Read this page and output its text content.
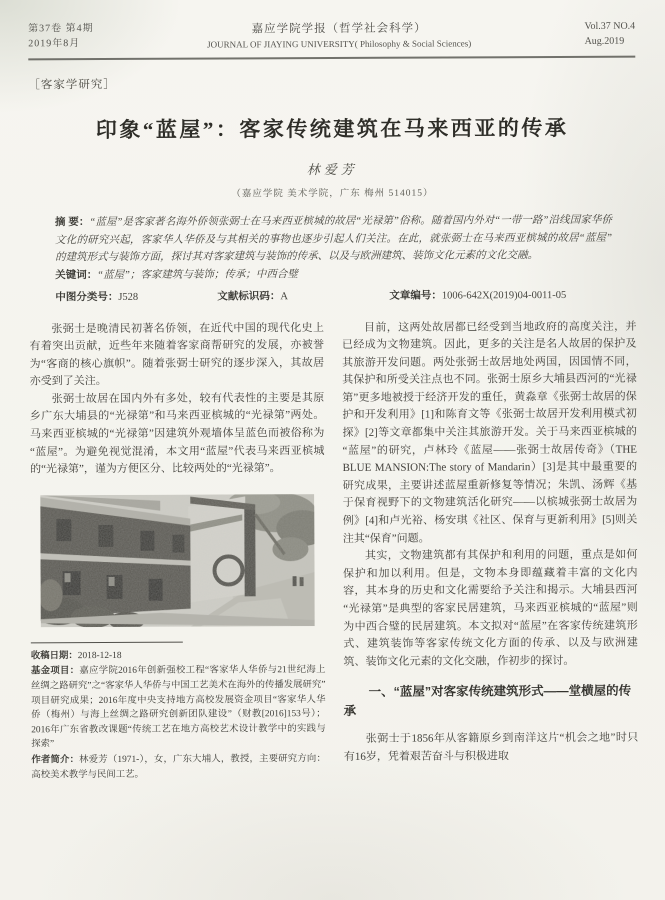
第37卷 第4期
2019年8月
嘉应学院学报（哲学社会科学）
JOURNAL OF JIAYING UNIVERSITY( Philosophy & Social Sciences)
Vol.37 NO.4
Aug.2019
［客家学研究］
印象“蓝屋”：客家传统建筑在马来西亚的传承
林爱芳
（嘉应学院 美术学院，广东 梅州 514015）

摘 要：“蓝屋”是客家著名海外侨领张弼士在马来西亚槟城的故居“光禄第”俗称。随着国内外对“一带一路”沿线国家华侨文化的研究兴起，客家华人华侨及与其相关的事物也逐步引起人们关注。在此，就张弼士在马来西亚槟城的故居“蓝屋”的建筑形式与装饰方面，探讨其对客家建筑与装饰的传承、以及与欧洲建筑、装饰文化元素的文化交融。

关键词：“蓝屋”；客家建筑与装饰；传承；中西合璧

中图分类号：J528	文献标识码：A	文章编号：1006-642X(2019)04-0011-05

张弼士是晚清民初著名侨领，在近代中国的现代化史上有着突出贡献，近些年来随着客家商帮研究的发展，亦被誉为“客商的核心旗帜”。随着张弼士研究的逐步深入，其故居亦受到了关注。

张弼士故居在国内外有多处，较有代表性的主要是其原乡广东大埔县的“光禄第”和马来西亚槟城的“光禄第”两处。马来西亚槟城的“光禄第”因建筑外观墙体呈蓝色而被俗称为“蓝屋”。为避免视觉混淆，本文用“蓝屋”代表马来西亚槟城的“光禄第”，谨为方便区分、比较两处的“光禄第”。

收稿日期：2018-12-18

基金项目：嘉应学院2016年创新强校工程“客家华人华侨与21世纪海上丝绸之路研究”之“客家华人华侨与中国工艺美术在海外的传播发展研究”项目研究成果；2016年度中央支持地方高校发展资金项目“客家华人华侨（梅州）与海上丝绸之路研究创新团队建设”（财教[2016]153号）；2016年广东省教改课题“传统工艺在地方高校艺术设计教学中的实践与探索”

作者简介：林爱芳（1971-），女，广东大埔人，教授，主要研究方向：高校美术教学与民间工艺。

目前，这两处故居都已经受到当地政府的高度关注，并已经成为文物建筑。因此，更多的关注是名人故居的保护及其旅游开发问题。两处张弼士故居地处两国，因国情不同，其保护和所受关注点也不同。张弼士原乡大埔县西河的“光禄第”更多地被授于经济开发的重任，黄淼章《张弼士故居的保护和开发利用》[1]和陈育文等《张弼士故居开发利用模式初探》[2]等文章都集中关注其旅游开发。关于马来西亚槟城的“蓝屋”的研究，卢林玲《蓝屋——张弼士故居传奇》（THE BLUE MANSION:The story of Mandarin）[3]是其中最重要的研究成果，主要讲述蓝屋重新修复等情况；朱凯、汤辉《基于保育视野下的文物建筑活化研究——以槟城张弼士故居为例》[4]和卢光裕、杨安琪《社区、保育与更新利用》[5]则关注其“保育”问题。

其实，文物建筑都有其保护和利用的问题，重点是如何保护和加以利用。但是，文物本身即蕴藏着丰富的文化内容，其本身的历史和文化需要给予关注和揭示。大埔县西河“光禄第”是典型的客家民居建筑，马来西亚槟城的“蓝屋”则为中西合璧的民居建筑。本文拟对“蓝屋”在客家传统建筑形式、建筑装饰等客家传统文化方面的传承、以及与欧洲建筑、装饰文化元素的文化交融，作初步的探讨。

一、“蓝屋”对客家传统建筑形式——堂横屋的传承

张弼士于1856年从客籍原乡到南洋这片“机会之地”时只有16岁，凭着艰苦奋斗与积极进取
